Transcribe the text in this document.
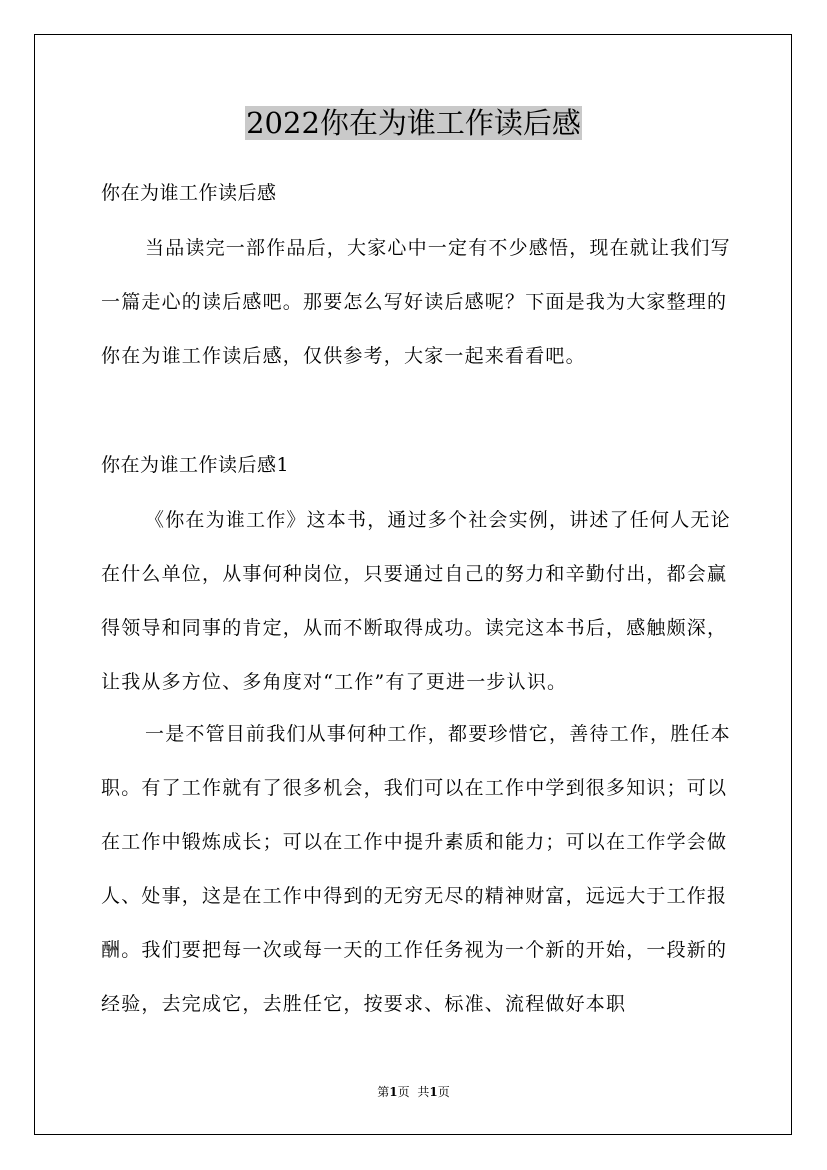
2022你在为谁工作读后感

你在为谁工作读后感

当品读完一部作品后，大家心中一定有不少感悟，现在就让我们写一篇走心的读后感吧。那要怎么写好读后感呢？下面是我为大家整理的你在为谁工作读后感，仅供参考，大家一起来看看吧。

你在为谁工作读后感1

《你在为谁工作》这本书，通过多个社会实例，讲述了任何人无论在什么单位，从事何种岗位，只要通过自己的努力和辛勤付出，都会赢得领导和同事的肯定，从而不断取得成功。读完这本书后，感触颇深，让我从多方位、多角度对“工作”有了更进一步认识。

一是不管目前我们从事何种工作，都要珍惜它，善待工作，胜任本职。有了工作就有了很多机会，我们可以在工作中学到很多知识；可以在工作中锻炼成长；可以在工作中提升素质和能力；可以在工作学会做人、处事，这是在工作中得到的无穷无尽的精神财富，远远大于工作报酬。我们要把每一次或每一天的工作任务视为一个新的开始，一段新的经验，去完成它，去胜任它，按要求、标准、流程做好本职

第1页 共1页
